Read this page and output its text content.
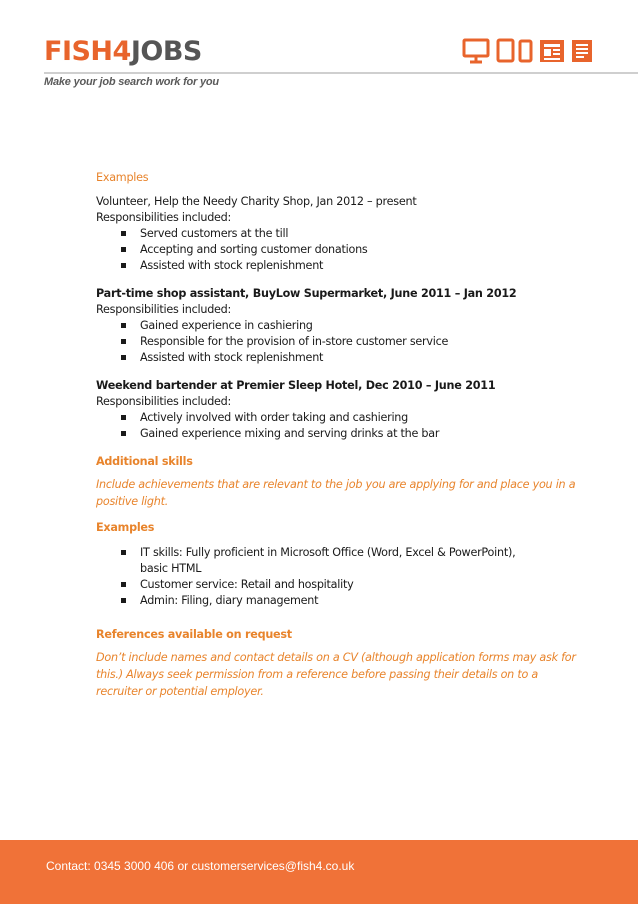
FISH4JOBS
Make your job search work for you
Examples
Volunteer, Help the Needy Charity Shop, Jan 2012 – present
Responsibilities included:
Served customers at the till
Accepting and sorting customer donations
Assisted with stock replenishment
Part-time shop assistant, BuyLow Supermarket, June 2011 – Jan 2012
Responsibilities included:
Gained experience in cashiering
Responsible for the provision of in-store customer service
Assisted with stock replenishment
Weekend bartender at Premier Sleep Hotel, Dec 2010 – June 2011
Responsibilities included:
Actively involved with order taking and cashiering
Gained experience mixing and serving drinks at the bar
Additional skills
Include achievements that are relevant to the job you are applying for and place you in a positive light.
Examples
IT skills: Fully proficient in Microsoft Office (Word, Excel & PowerPoint), basic HTML
Customer service: Retail and hospitality
Admin: Filing, diary management
References available on request
Don’t include names and contact details on a CV (although application forms may ask for this.) Always seek permission from a reference before passing their details on to a recruiter or potential employer.
Contact: 0345 3000 406 or customerservices@fish4.co.uk
